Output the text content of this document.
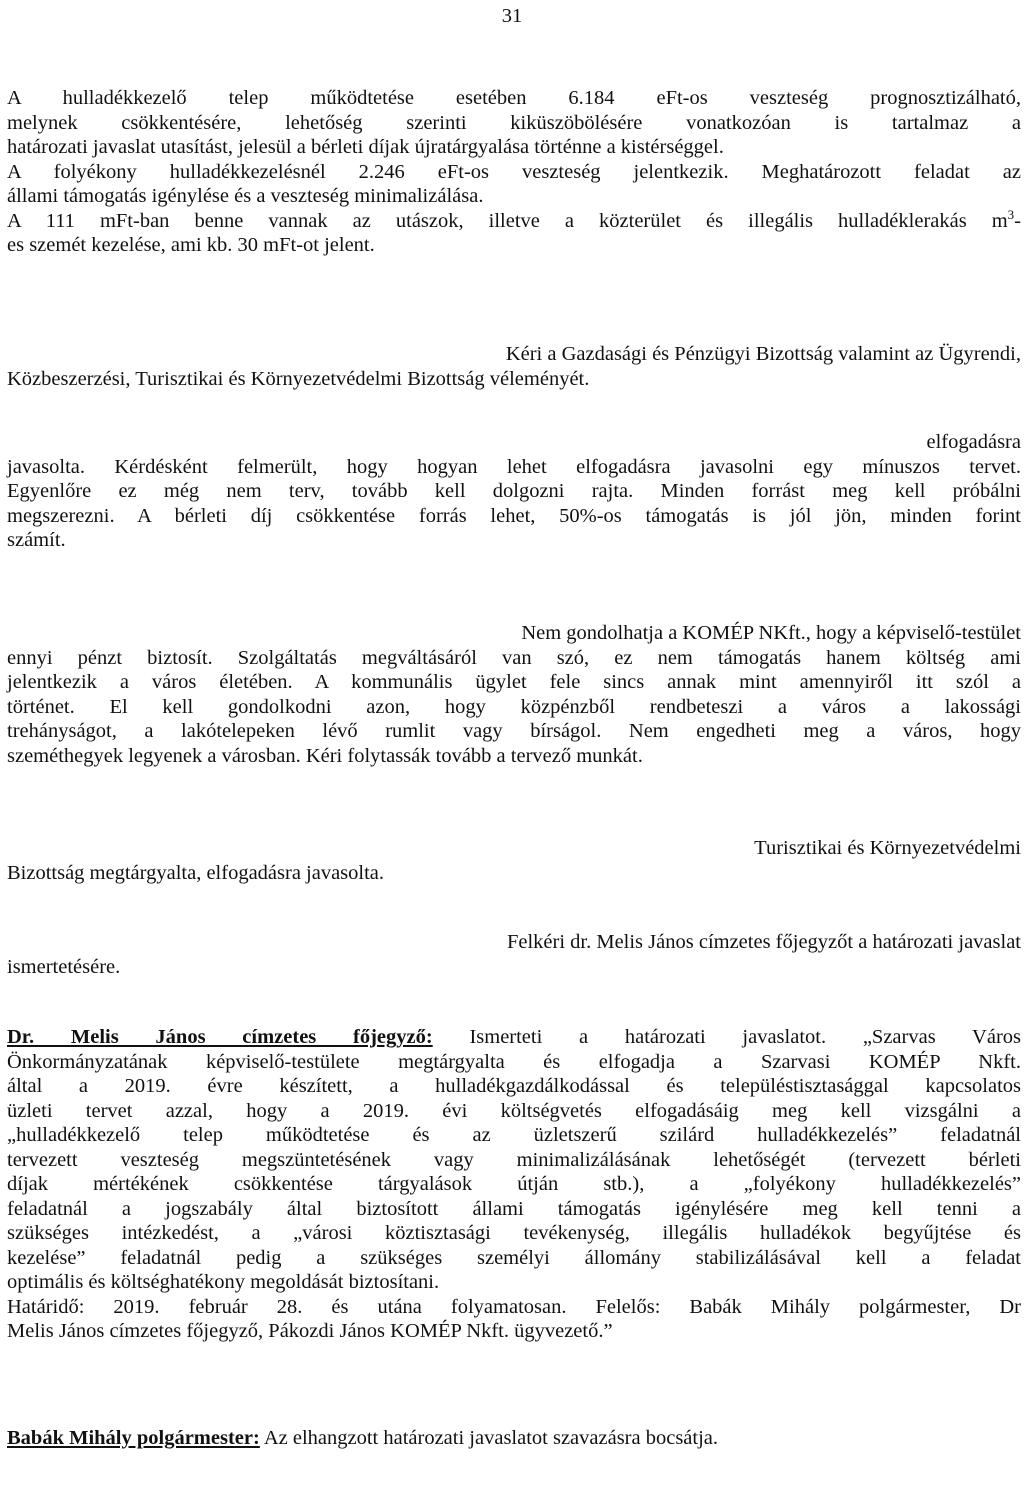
31
A hulladékkezelő telep működtetése esetében 6.184 eFt-os veszteség prognosztizálható,
melynek csökkentésére, lehetőség szerinti kiküszöbölésére vonatkozóan is tartalmaz a
határozati javaslat utasítást, jelesül a bérleti díjak újratárgyalása történne a kistérséggel.
A folyékony hulladékkezelésnél 2.246 eFt-os veszteség jelentkezik. Meghatározott feladat az
állami támogatás igénylése és a veszteség minimalizálása.
A 111 mFt-ban benne vannak az utászok, illetve a közterület és illegális hulladéklerakás $m^3-$
es szemét kezelése, ami kb. 30 mFt-ot jelent.
Kéri a Gazdasági és Pénzügyi Bizottság valamint az Ügyrendi,
Közbeszerzési, Turisztikai és Környezetvédelmi Bizottság véleményét.
elfogadásra
javasolta. Kérdésként felmerült, hogy hogyan lehet elfogadásra javasolni egy mínuszos tervet.
Egyenlőre ez még nem terv, tovább kell dolgozni rajta. Minden forrást meg kell próbálni
megszerezni. A bérleti díj csökkentése forrás lehet, 50%-os támogatás is jól jön, minden forint
számít.
Nem gondolhatja a KOMÉP NKft., hogy a képviselő-testület
ennyi pénzt biztosít. Szolgáltatás megváltásáról van szó, ez nem támogatás hanem költség ami
jelentkezik a város életében. A kommunális ügylet fele sincs annak mint amennyiről itt szól a
történet. El kell gondolkodni azon, hogy közpénzből rendbeteszi a város a lakossági
trehányságot, a lakótelepeken lévő rumlit vagy bírságol. Nem engedheti meg a város, hogy
szeméthegyek legyenek a városban. Kéri folytassák tovább a tervező munkát.
Turisztikai és Környezetvédelmi
Bizottság megtárgyalta, elfogadásra javasolta.
Felkéri dr. Melis János címzetes főjegyzőt a határozati javaslat
ismertetésére.
Dr. Melis János címzetes főjegyző: Ismerteti a határozati javaslatot. „Szarvas Város
Önkormányzatának képviselő-testülete megtárgyalta és elfogadja a Szarvasi KOMÉP Nkft.
által a 2019. évre készített, a hulladékgazdálkodással és településtisztasággal kapcsolatos
üzleti tervet azzal, hogy a 2019. évi költségvetés elfogadásáig meg kell vizsgálni a
„hulladékkezelő telep működtetése és az üzletszerű szilárd hulladékkezelés” feladatnál
tervezett veszteség megszüntetésének vagy minimalizálásának lehetőségét (tervezett bérleti
díjak mértékének csökkentése tárgyalások útján stb.), a „folyékony hulladékkezelés”
feladatnál a jogszabály által biztosított állami támogatás igénylésére meg kell tenni a
szükséges intézkedést, a „városi köztisztasági tevékenység, illegális hulladékok begyűjtése és
kezelése” feladatnál pedig a szükséges személyi állomány stabilizálásával kell a feladat
optimális és költséghatékony megoldását biztosítani.
Határidő: 2019. február 28. és utána folyamatosan. Felelős: Babák Mihály polgármester, Dr
Melis János címzetes főjegyző, Pákozdi János KOMÉP Nkft. ügyvezető.”
Babák Mihály polgármester: Az elhangzott határozati javaslatot szavazásra bocsátja.
